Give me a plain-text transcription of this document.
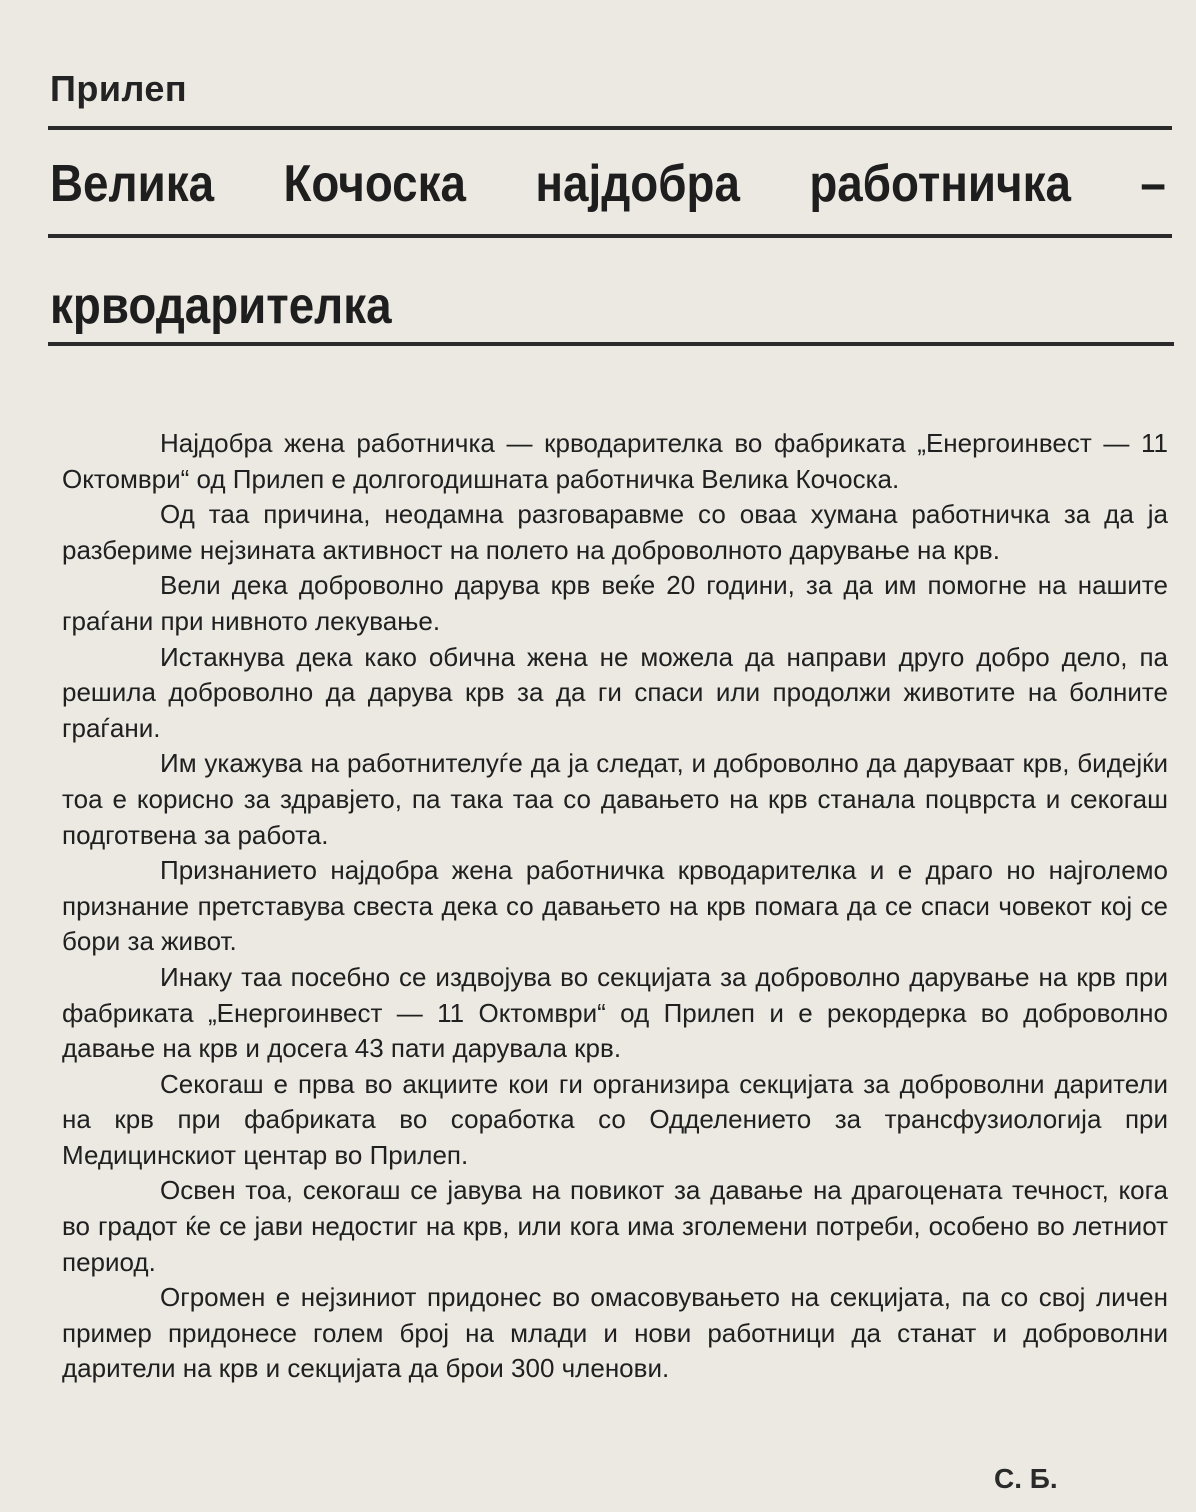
Прилеп
Велика Кочоска најдобра работничка –
крводарителка

Најдобра жена работничка — крводарителка во фабриката „Енергоинвест — 11 Октомври“ од Прилеп е долгогодишната работничка Велика Кочоска.

Од таа причина, неодамна разговаравме со оваа хумана работничка за да ја разбериме нејзината активност на полето на доброволното дарување на крв.

Вели дека доброволно дарува крв веќе 20 години, за да им помогне на нашите граѓани при нивното лекување.

Истакнува дека како обична жена не можела да направи друго добро дело, па решила доброволно да дарува крв за да ги спаси или продолжи животите на болните граѓани.

Им укажува на работнителуѓе да ја следат, и доброволно да даруваат крв, бидејќи тоа е корисно за здравјето, па така таа со давањето на крв станала поцврста и секогаш подготвена за работа.

Признанието најдобра жена работничка крводарителка и е драго но најголемо признание претставува свеста дека со давањето на крв помага да се спаси човекот кој се бори за живот.

Инаку таа посебно се издвојува во секцијата за доброволно дарување на крв при фабриката „Енергоинвест — 11 Октомври“ од Прилеп и е рекордерка во доброволно давање на крв и досега 43 пати дарувала крв.

Секогаш е прва во акциите кои ги организира секцијата за доброволни дарители на крв при фабриката во соработка со Одделението за трансфузиологија при Медицинскиот центар во Прилеп.

Освен тоа, секогаш се јавува на повикот за давање на драгоцената течност, кога во градот ќе се јави недостиг на крв, или кога има зголемени потреби, особено во летниот период.

Огромен е нејзиниот придонес во омасовувањето на секцијата, па со свој личен пример придонесе голем број на млади и нови работници да станат и доброволни дарители на крв и секцијата да брои 300 членови.

С. Б.
